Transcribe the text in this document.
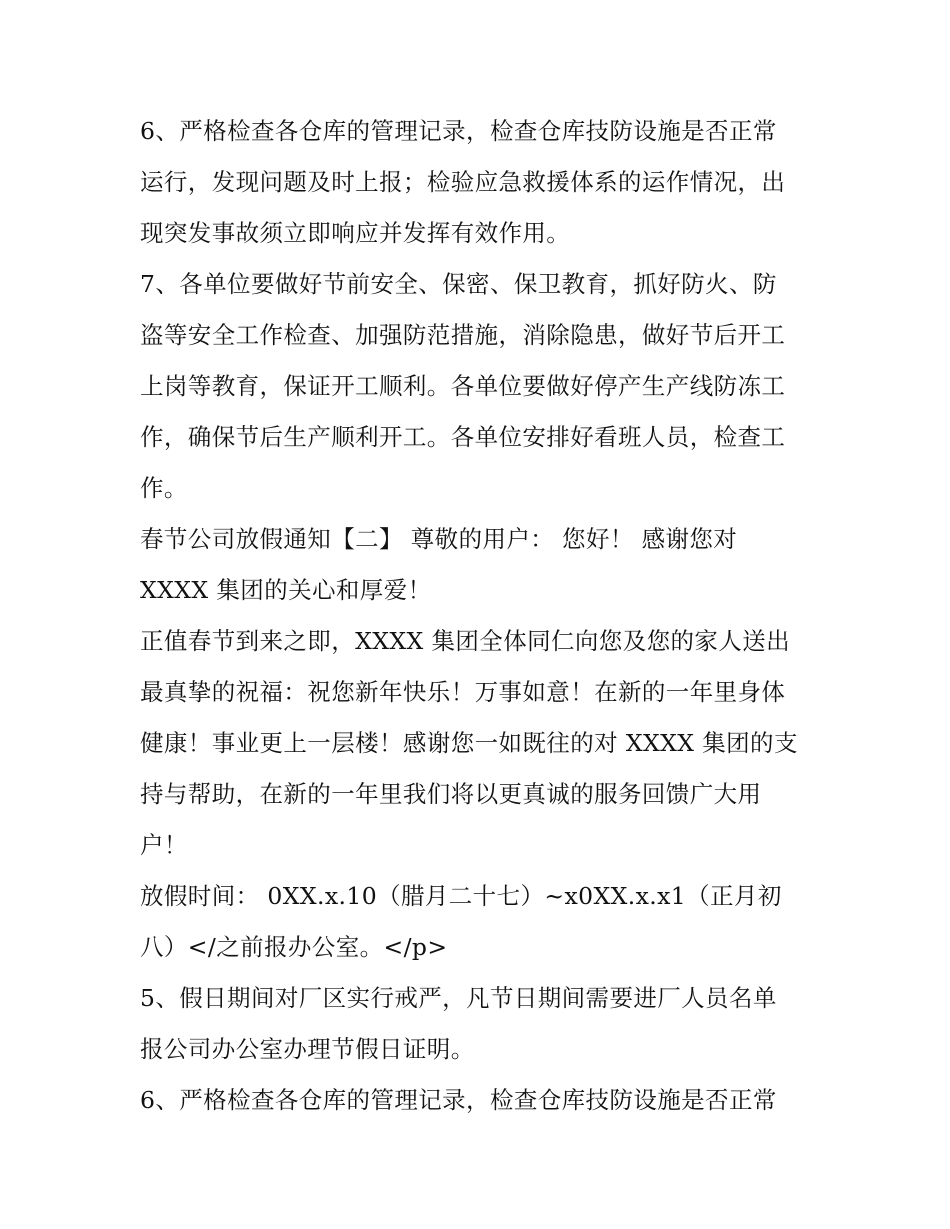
6、严格检查各仓库的管理记录，检查仓库技防设施是否正常
运行，发现问题及时上报；检验应急救援体系的运作情况，出
现突发事故须立即响应并发挥有效作用。
7、各单位要做好节前安全、保密、保卫教育，抓好防火、防
盗等安全工作检查、加强防范措施，消除隐患，做好节后开工
上岗等教育，保证开工顺利。各单位要做好停产生产线防冻工
作，确保节后生产顺利开工。各单位安排好看班人员，检查工
作。
春节公司放假通知【二】 尊敬的用户： 您好！ 感谢您对
XXXX 集团的关心和厚爱！
正值春节到来之即，XXXX 集团全体同仁向您及您的家人送出
最真挚的祝福：祝您新年快乐！万事如意！在新的一年里身体
健康！事业更上一层楼！感谢您一如既往的对 XXXX 集团的支
持与帮助，在新的一年里我们将以更真诚的服务回馈广大用
户！
放假时间： 0XX.x.10（腊月二十七）~x0XX.x.x1（正月初
八）</之前报办公室。</p>
5、假日期间对厂区实行戒严，凡节日期间需要进厂人员名单
报公司办公室办理节假日证明。
6、严格检查各仓库的管理记录，检查仓库技防设施是否正常
